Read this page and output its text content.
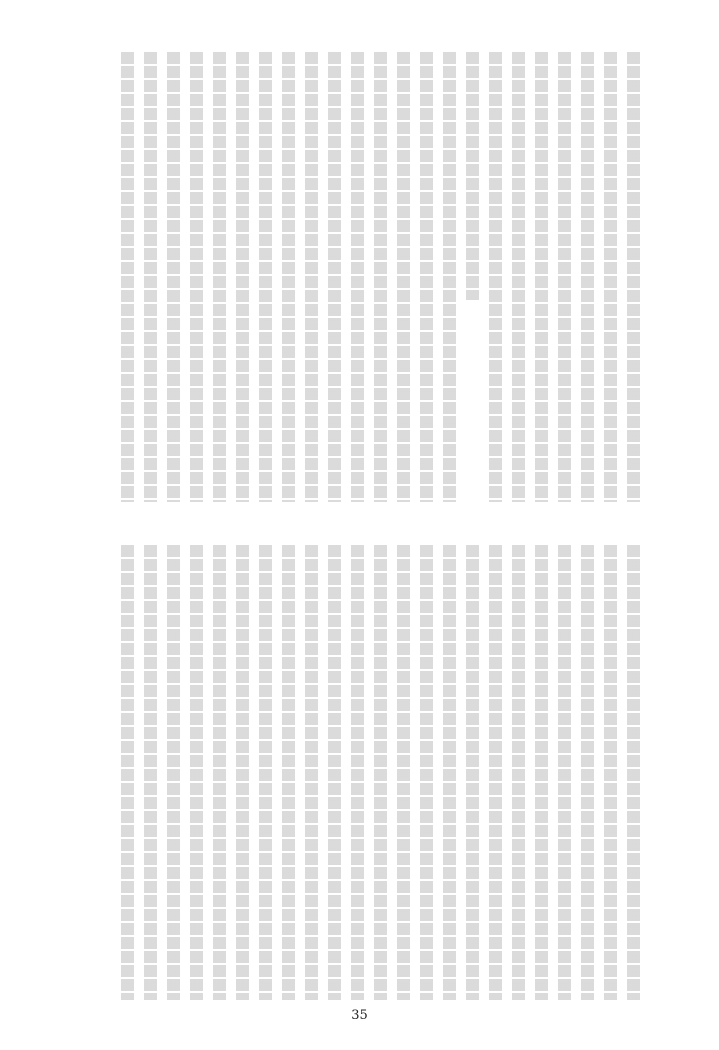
35
